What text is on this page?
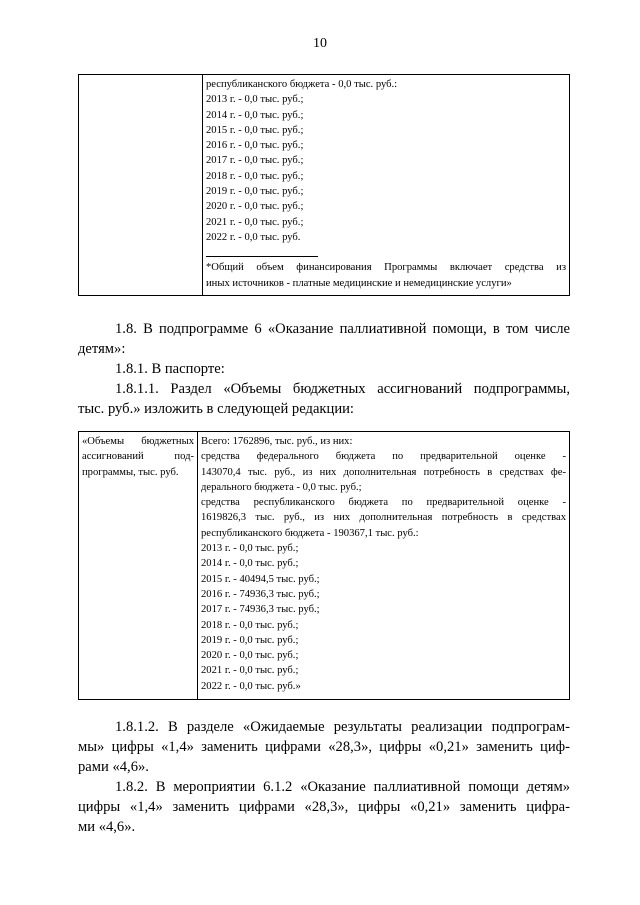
10

республиканского бюджета - 0,0 тыс. руб.:
2013 г. - 0,0 тыс. руб.;
2014 г. - 0,0 тыс. руб.;
2015 г. - 0,0 тыс. руб.;
2016 г. - 0,0 тыс. руб.;
2017 г. - 0,0 тыс. руб.;
2018 г. - 0,0 тыс. руб.;
2019 г. - 0,0 тыс. руб.;
2020 г. - 0,0 тыс. руб.;
2021 г. - 0,0 тыс. руб.;
2022 г. - 0,0 тыс. руб.
*Общий объем финансирования Программы включает средства из
иных источников - платные медицинские и немедицинские услуги»

1.8. В подпрограмме 6 «Оказание паллиативной помощи, в том числе

детям»:

1.8.1. В паспорте:

1.8.1.1. Раздел «Объемы бюджетных ассигнований подпрограммы,

тыс. руб.» изложить в следующей редакции:

«Объемы бюджетных
ассигнований под-
программы, тыс. руб.

Всего: 1762896, тыс. руб., из них:
средства федерального бюджета по предварительной оценке -
143070,4 тыс. руб., из них дополнительная потребность в средствах фе-
дерального бюджета - 0,0 тыс. руб.;
средства республиканского бюджета по предварительной оценке -
1619826,3 тыс. руб., из них дополнительная потребность в средствах
республиканского бюджета - 190367,1 тыс. руб.:
2013 г. - 0,0 тыс. руб.;
2014 г. - 0,0 тыс. руб.;
2015 г. - 40494,5 тыс. руб.;
2016 г. - 74936,3 тыс. руб.;
2017 г. - 74936,3 тыс. руб.;
2018 г. - 0,0 тыс. руб.;
2019 г. - 0,0 тыс. руб.;
2020 г. - 0,0 тыс. руб.;
2021 г. - 0,0 тыс. руб.;
2022 г. - 0,0 тыс. руб.»

1.8.1.2. В разделе «Ожидаемые результаты реализации подпрограм-

мы» цифры «1,4» заменить цифрами «28,3», цифры «0,21» заменить циф-

рами «4,6».

1.8.2. В мероприятии 6.1.2 «Оказание паллиативной помощи детям»

цифры «1,4» заменить цифрами «28,3», цифры «0,21» заменить цифра-

ми «4,6».
